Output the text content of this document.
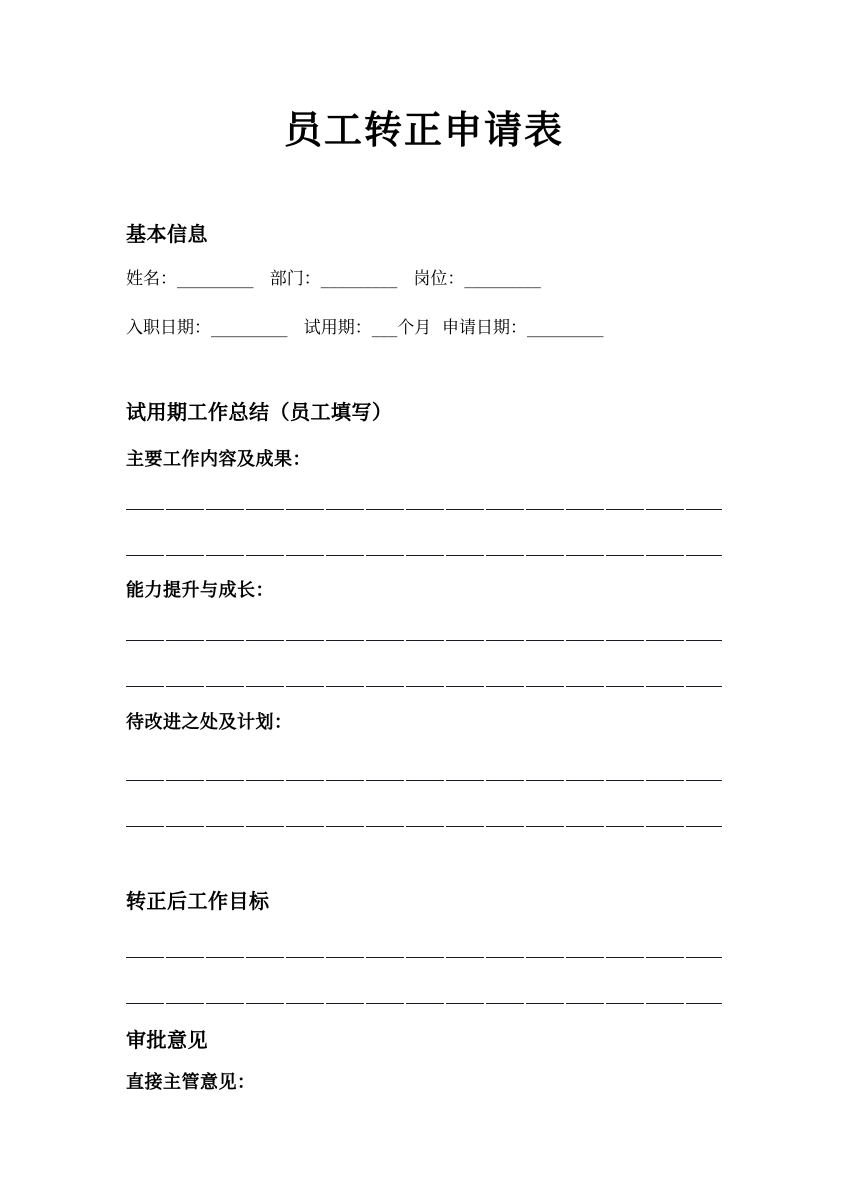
员工转正申请表
基本信息
姓名：_________   部门：_________   岗位：_________
入职日期：_________   试用期：___个月  申请日期：_________
试用期工作总结（员工填写）
主要工作内容及成果：
能力提升与成长：
待改进之处及计划：
转正后工作目标
审批意见
直接主管意见：
